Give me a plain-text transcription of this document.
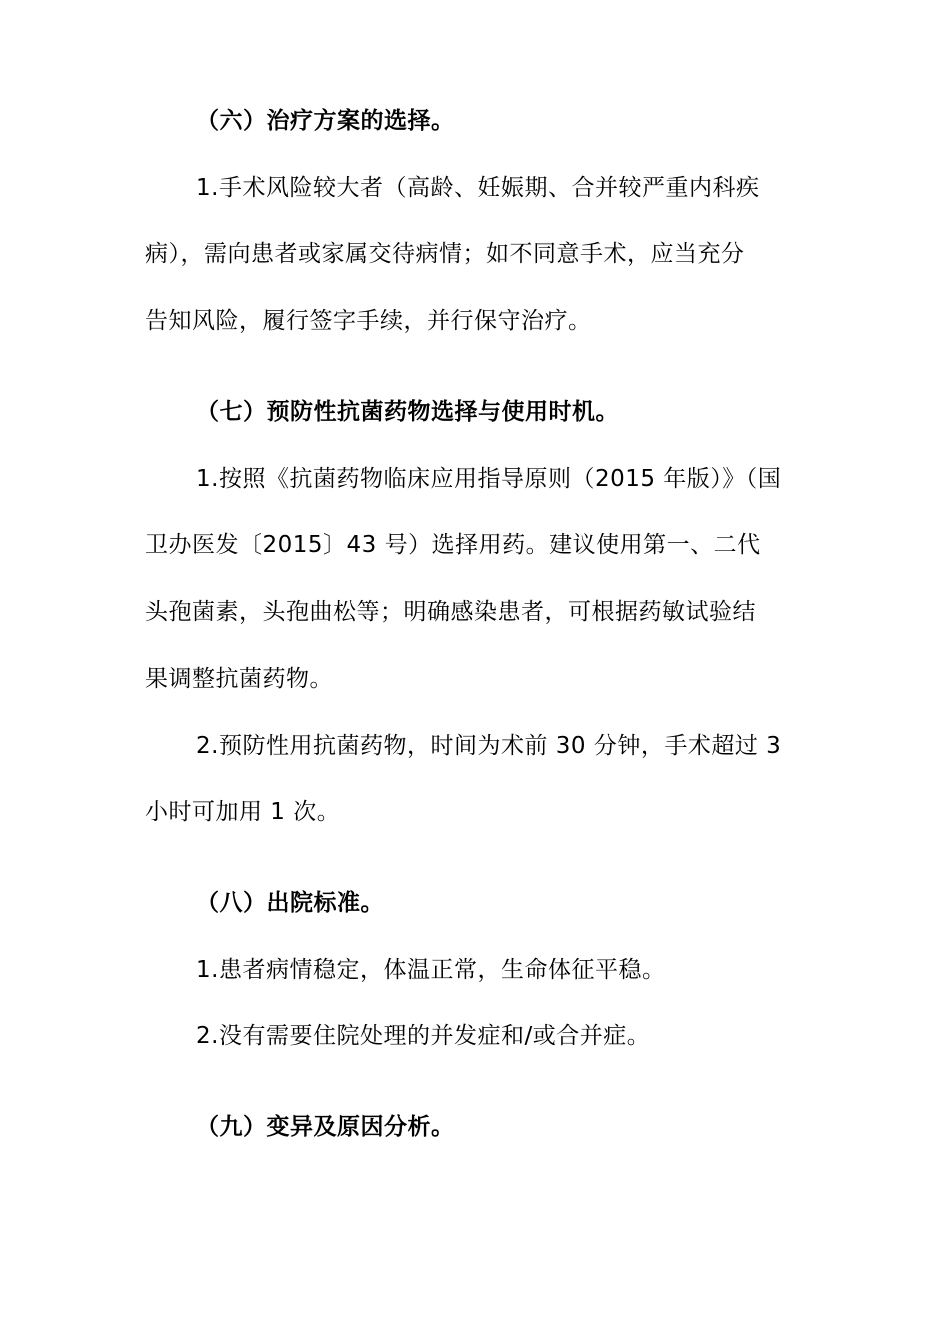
（六）治疗方案的选择。
1.手术风险较大者（高龄、妊娠期、合并较严重内科疾
病），需向患者或家属交待病情；如不同意手术，应当充分
告知风险，履行签字手续，并行保守治疗。
（七）预防性抗菌药物选择与使用时机。
1.按照《抗菌药物临床应用指导原则（2015 年版）》（国
卫办医发〔2015〕43 号）选择用药。建议使用第一、二代
头孢菌素，头孢曲松等；明确感染患者，可根据药敏试验结
果调整抗菌药物。
2.预防性用抗菌药物，时间为术前 30 分钟，手术超过 3
小时可加用 1 次。
（八）出院标准。
1.患者病情稳定，体温正常，生命体征平稳。
2.没有需要住院处理的并发症和/或合并症。
（九）变异及原因分析。
